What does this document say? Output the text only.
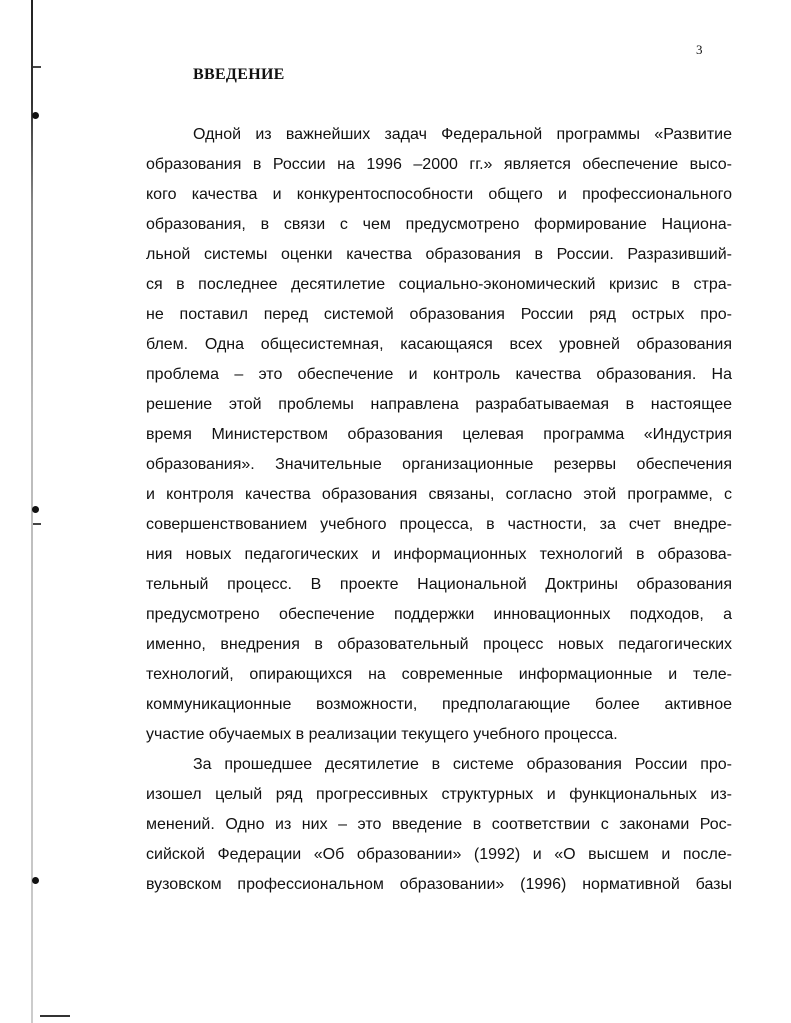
3
ВВЕДЕНИЕ
Одной из важнейших задач Федеральной программы «Развитие
образования в России на 1996 –2000 гг.» является обеспечение высо-
кого качества и конкурентоспособности общего и профессионального
образования, в связи с чем предусмотрено формирование Национа-
льной системы оценки качества образования в России. Разразивший-
ся в последнее десятилетие социально-экономический кризис в стра-
не поставил перед системой образования России ряд острых про-
блем. Одна общесистемная, касающаяся всех уровней образования
проблема – это обеспечение и контроль качества образования. На
решение этой проблемы направлена разрабатываемая в настоящее
время Министерством образования целевая программа «Индустрия
образования». Значительные организационные резервы обеспечения
и контроля качества образования связаны, согласно этой программе, с
совершенствованием учебного процесса, в частности, за счет внедре-
ния новых педагогических и информационных технологий в образова-
тельный процесс. В проекте Национальной Доктрины образования
предусмотрено обеспечение поддержки инновационных подходов, а
именно, внедрения в образовательный процесс новых педагогических
технологий, опирающихся на современные информационные и теле-
коммуникационные возможности, предполагающие более активное
участие обучаемых в реализации текущего учебного процесса.
За прошедшее десятилетие в системе образования России про-
изошел целый ряд прогрессивных структурных и функциональных из-
менений. Одно из них – это введение в соответствии с законами Рос-
сийской Федерации «Об образовании» (1992) и «О высшем и после-
вузовском профессиональном образовании» (1996) нормативной базы
